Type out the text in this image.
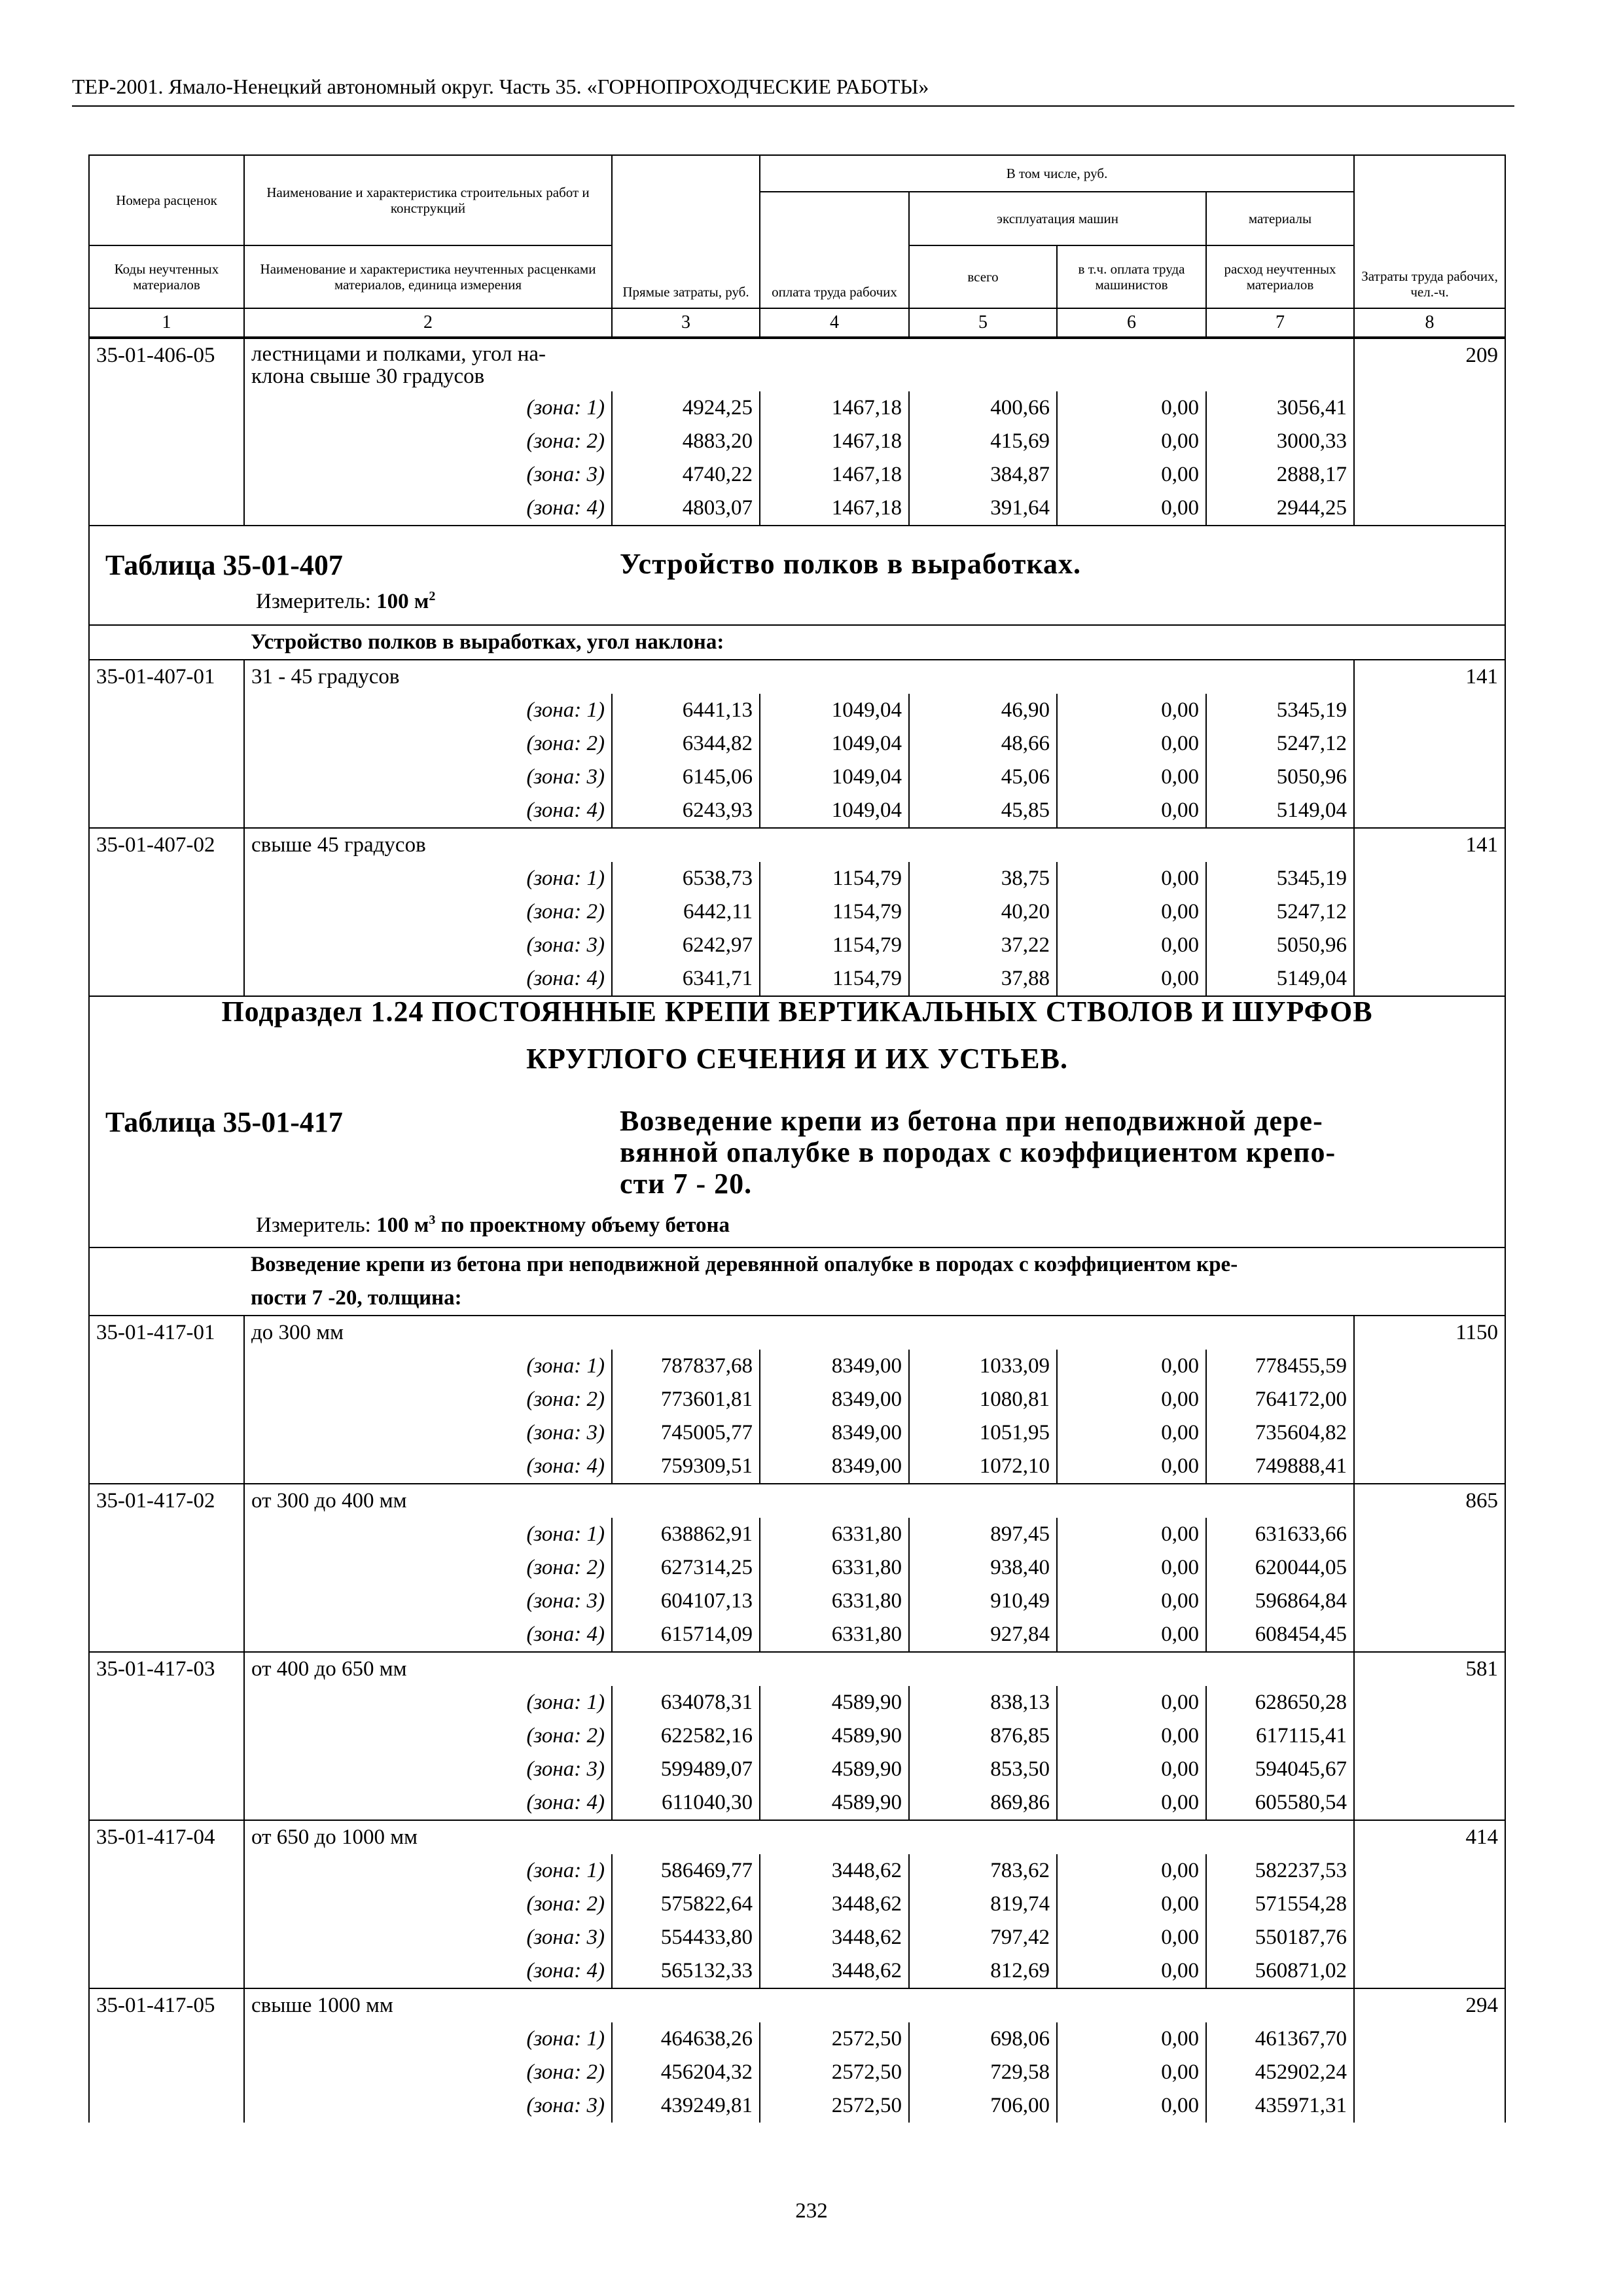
ТЕР-2001. Ямало-Ненецкий автономный округ. Часть 35. «ГОРНОПРОХОДЧЕСКИЕ РАБОТЫ»
Номера расценок	Наименование и характеристика строительных работ и конструкций	Прямые затраты, руб.	В том числе, руб.				Затраты труда рабочих, чел.-ч.
			оплата труда рабочих	эксплуатация машин		материалы	
Коды неучтенных материалов	Наименование и характеристика неучтенных расценками материалов, единица измерения			всего	в т.ч. оплата труда машинистов	расход неучтенных материалов	
1	2	3	4	5	6	7	8
35-01-406-05	лестницами и полками, угол на-
клона свыше 30 градусов						209
	(зона: 1)	4924,25	1467,18	400,66	0,00	3056,41	
	(зона: 2)	4883,20	1467,18	415,69	0,00	3000,33	
	(зона: 3)	4740,22	1467,18	384,87	0,00	2888,17	
	(зона: 4)	4803,07	1467,18	391,64	0,00	2944,25	
Таблица 35-01-407	Устройство полков в выработках.
Измеритель: 100 $м^2$
	Устройство полков в выработках, угол наклона:						
35-01-407-01	31 - 45 градусов						141
	(зона: 1)	6441,13	1049,04	46,90	0,00	5345,19	
	(зона: 2)	6344,82	1049,04	48,66	0,00	5247,12	
	(зона: 3)	6145,06	1049,04	45,06	0,00	5050,96	
	(зона: 4)	6243,93	1049,04	45,85	0,00	5149,04	
35-01-407-02	свыше 45 градусов						141
	(зона: 1)	6538,73	1154,79	38,75	0,00	5345,19	
	(зона: 2)	6442,11	1154,79	40,20	0,00	5247,12	
	(зона: 3)	6242,97	1154,79	37,22	0,00	5050,96	
	(зона: 4)	6341,71	1154,79	37,88	0,00	5149,04	
Подраздел 1.24 ПОСТОЯННЫЕ КРЕПИ ВЕРТИКАЛЬНЫХ СТВОЛОВ И ШУРФОВ
КРУГЛОГО СЕЧЕНИЯ И ИХ УСТЬЕВ.
Таблица 35-01-417	Возведение крепи из бетона при неподвижной дере-
вянной опалубке в породах с коэффициентом крепо-
сти 7 - 20.
Измеритель: 100 $м^3$ по проектному объему бетона

	Возведение крепи из бетона при неподвижной деревянной опалубке в породах с коэффициентом кре-
пости 7 -20, толщина:						

35-01-417-01	до 300 мм						1150
	(зона: 1)	787837,68	8349,00	1033,09	0,00	778455,59	
	(зона: 2)	773601,81	8349,00	1080,81	0,00	764172,00	
	(зона: 3)	745005,77	8349,00	1051,95	0,00	735604,82	
	(зона: 4)	759309,51	8349,00	1072,10	0,00	749888,41	
35-01-417-02	от 300 до 400 мм						865
	(зона: 1)	638862,91	6331,80	897,45	0,00	631633,66	
	(зона: 2)	627314,25	6331,80	938,40	0,00	620044,05	
	(зона: 3)	604107,13	6331,80	910,49	0,00	596864,84	
	(зона: 4)	615714,09	6331,80	927,84	0,00	608454,45	
35-01-417-03	от 400 до 650 мм						581
	(зона: 1)	634078,31	4589,90	838,13	0,00	628650,28	
	(зона: 2)	622582,16	4589,90	876,85	0,00	617115,41	
	(зона: 3)	599489,07	4589,90	853,50	0,00	594045,67	
	(зона: 4)	611040,30	4589,90	869,86	0,00	605580,54	
35-01-417-04	от 650 до 1000 мм						414
	(зона: 1)	586469,77	3448,62	783,62	0,00	582237,53	
	(зона: 2)	575822,64	3448,62	819,74	0,00	571554,28	
	(зона: 3)	554433,80	3448,62	797,42	0,00	550187,76	
	(зона: 4)	565132,33	3448,62	812,69	0,00	560871,02	
35-01-417-05	свыше 1000 мм						294
	(зона: 1)	464638,26	2572,50	698,06	0,00	461367,70	
	(зона: 2)	456204,32	2572,50	729,58	0,00	452902,24	
	(зона: 3)	439249,81	2572,50	706,00	0,00	435971,31	
232
